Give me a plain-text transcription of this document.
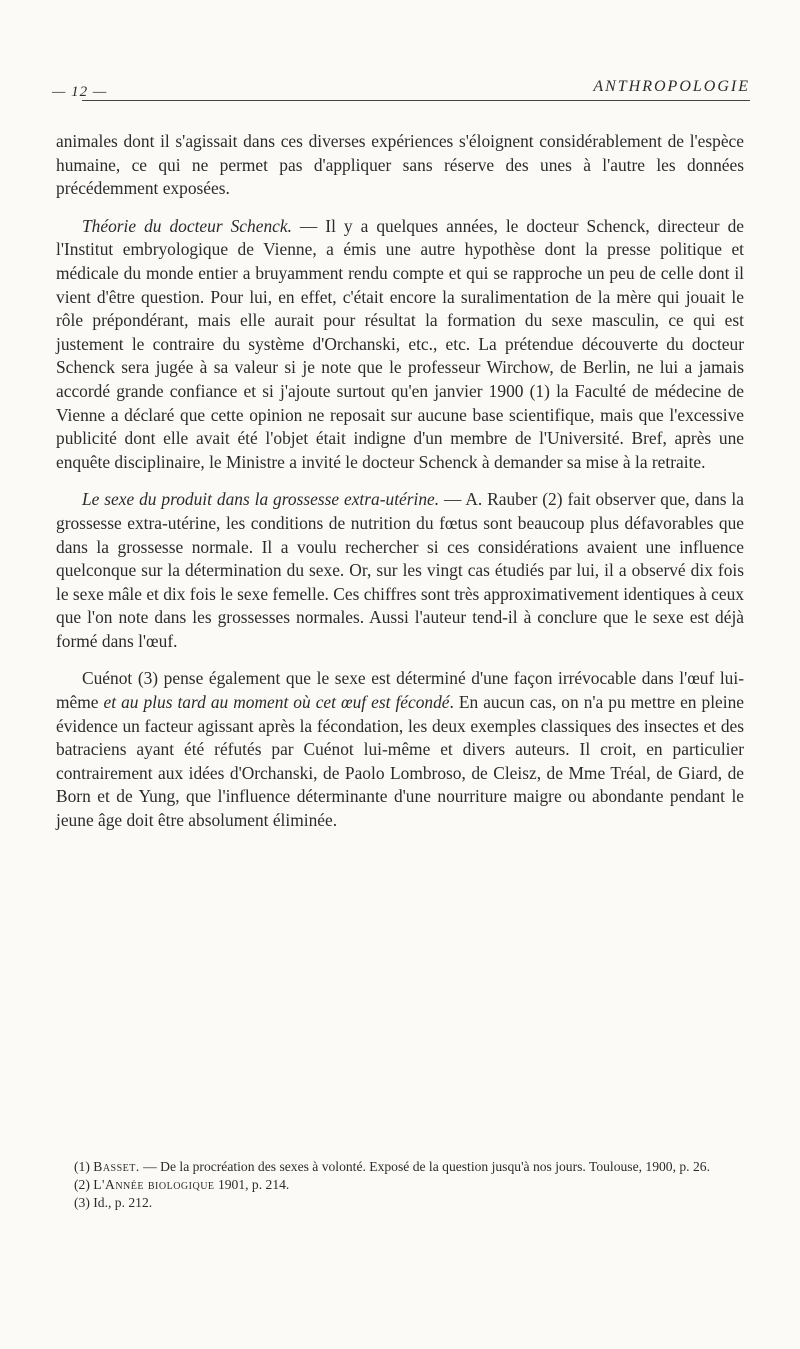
— 12 —	ANTHROPOLOGIE

animales dont il s'agissait dans ces diverses expériences s'éloignent considérablement de l'espèce humaine, ce qui ne permet pas d'appliquer sans réserve des unes à l'autre les données précédemment exposées.

Théorie du docteur Schenck. — Il y a quelques années, le docteur Schenck, directeur de l'Institut embryologique de Vienne, a émis une autre hypothèse dont la presse politique et médicale du monde entier a bruyamment rendu compte et qui se rapproche un peu de celle dont il vient d'être question. Pour lui, en effet, c'était encore la suralimentation de la mère qui jouait le rôle prépondérant, mais elle aurait pour résultat la formation du sexe masculin, ce qui est justement le contraire du système d'Orchanski, etc., etc. La prétendue découverte du docteur Schenck sera jugée à sa valeur si je note que le professeur Wirchow, de Berlin, ne lui a jamais accordé grande confiance et si j'ajoute surtout qu'en janvier 1900 (1) la Faculté de médecine de Vienne a déclaré que cette opinion ne reposait sur aucune base scientifique, mais que l'excessive publicité dont elle avait été l'objet était indigne d'un membre de l'Université. Bref, après une enquête disciplinaire, le Ministre a invité le docteur Schenck à demander sa mise à la retraite.

Le sexe du produit dans la grossesse extra-utérine. — A. Rauber (2) fait observer que, dans la grossesse extra-utérine, les conditions de nutrition du fœtus sont beaucoup plus défavorables que dans la grossesse normale. Il a voulu rechercher si ces considérations avaient une influence quelconque sur la détermination du sexe. Or, sur les vingt cas étudiés par lui, il a observé dix fois le sexe mâle et dix fois le sexe femelle. Ces chiffres sont très approximativement identiques à ceux que l'on note dans les grossesses normales. Aussi l'auteur tend-il à conclure que le sexe est déjà formé dans l'œuf.

Cuénot (3) pense également que le sexe est déterminé d'une façon irrévocable dans l'œuf lui-même et au plus tard au moment où cet œuf est fécondé. En aucun cas, on n'a pu mettre en pleine évidence un facteur agissant après la fécondation, les deux exemples classiques des insectes et des batraciens ayant été réfutés par Cuénot lui-même et divers auteurs. Il croit, en particulier contrairement aux idées d'Orchanski, de Paolo Lombroso, de Cleisz, de Mme Tréal, de Giard, de Born et de Yung, que l'influence déterminante d'une nourriture maigre ou abondante pendant le jeune âge doit être absolument éliminée.

(1) Basset. — De la procréation des sexes à volonté. Exposé de la question jusqu'à nos jours. Toulouse, 1900, p. 26.

(2) L'Année biologique 1901, p. 214.

(3) Id., p. 212.
